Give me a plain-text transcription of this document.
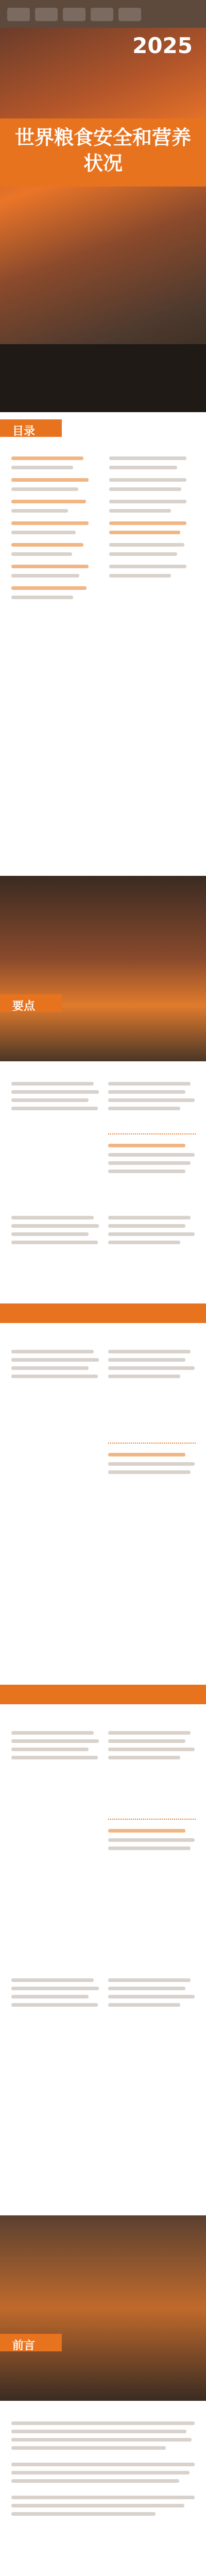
2025
世界粮食安全和营养状况
目录
要点
前言
